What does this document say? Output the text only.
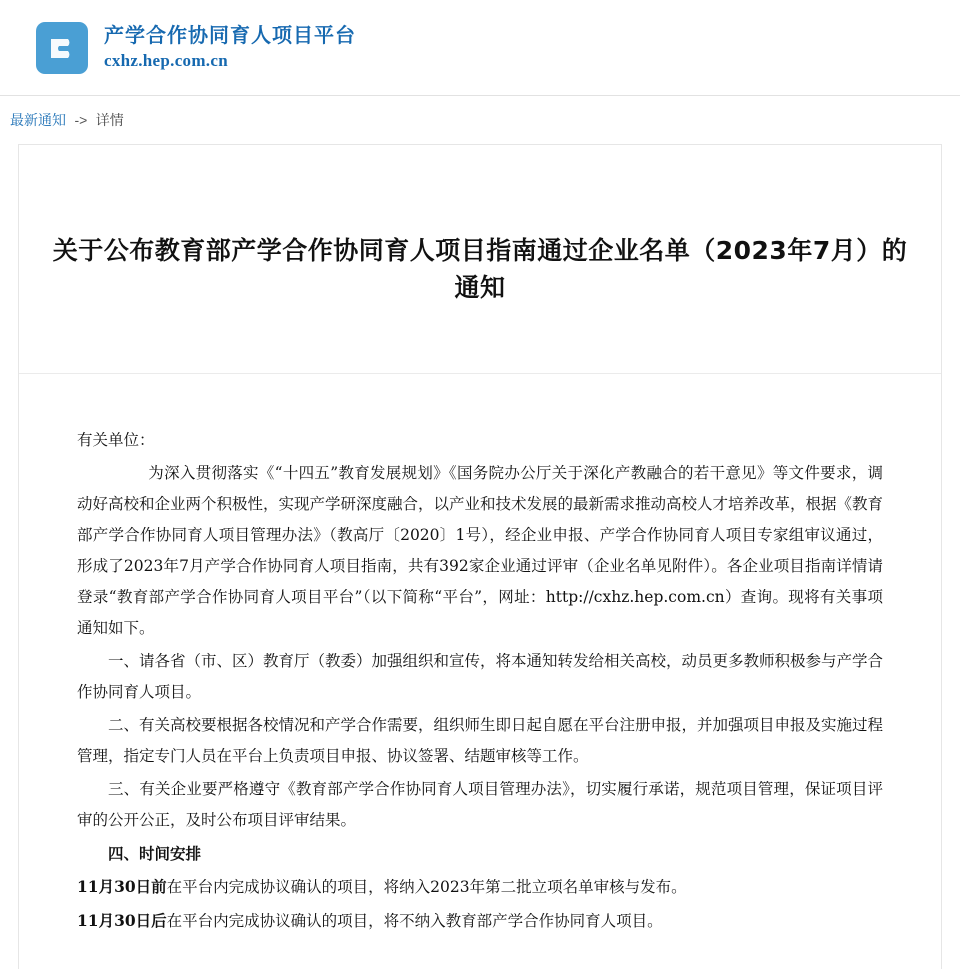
产学合作协同育人项目平台
cxhz.hep.com.cn
最新通知 -> 详情
关于公布教育部产学合作协同育人项目指南通过企业名单（2023年7月）的通知

有关单位：

为深入贯彻落实《“十四五”教育发展规划》《国务院办公厅关于深化产教融合的若干意见》等文件要求，调动好高校和企业两个积极性，实现产学研深度融合，以产业和技术发展的最新需求推动高校人才培养改革，根据《教育部产学合作协同育人项目管理办法》（教高厅〔2020〕1号），经企业申报、产学合作协同育人项目专家组审议通过，形成了2023年7月产学合作协同育人项目指南，共有392家企业通过评审（企业名单见附件）。各企业项目指南详情请登录“教育部产学合作协同育人项目平台”（以下简称“平台”，网址：http://cxhz.hep.com.cn）查询。现将有关事项通知如下。

一、请各省（市、区）教育厅（教委）加强组织和宣传，将本通知转发给相关高校，动员更多教师积极参与产学合作协同育人项目。

二、有关高校要根据各校情况和产学合作需要，组织师生即日起自愿在平台注册申报，并加强项目申报及实施过程管理，指定专门人员在平台上负责项目申报、协议签署、结题审核等工作。

三、有关企业要严格遵守《教育部产学合作协同育人项目管理办法》，切实履行承诺，规范项目管理，保证项目评审的公开公正，及时公布项目评审结果。

四、时间安排

11月30日前在平台内完成协议确认的项目，将纳入2023年第二批立项名单审核与发布。

11月30日后在平台内完成协议确认的项目，将不纳入教育部产学合作协同育人项目。
